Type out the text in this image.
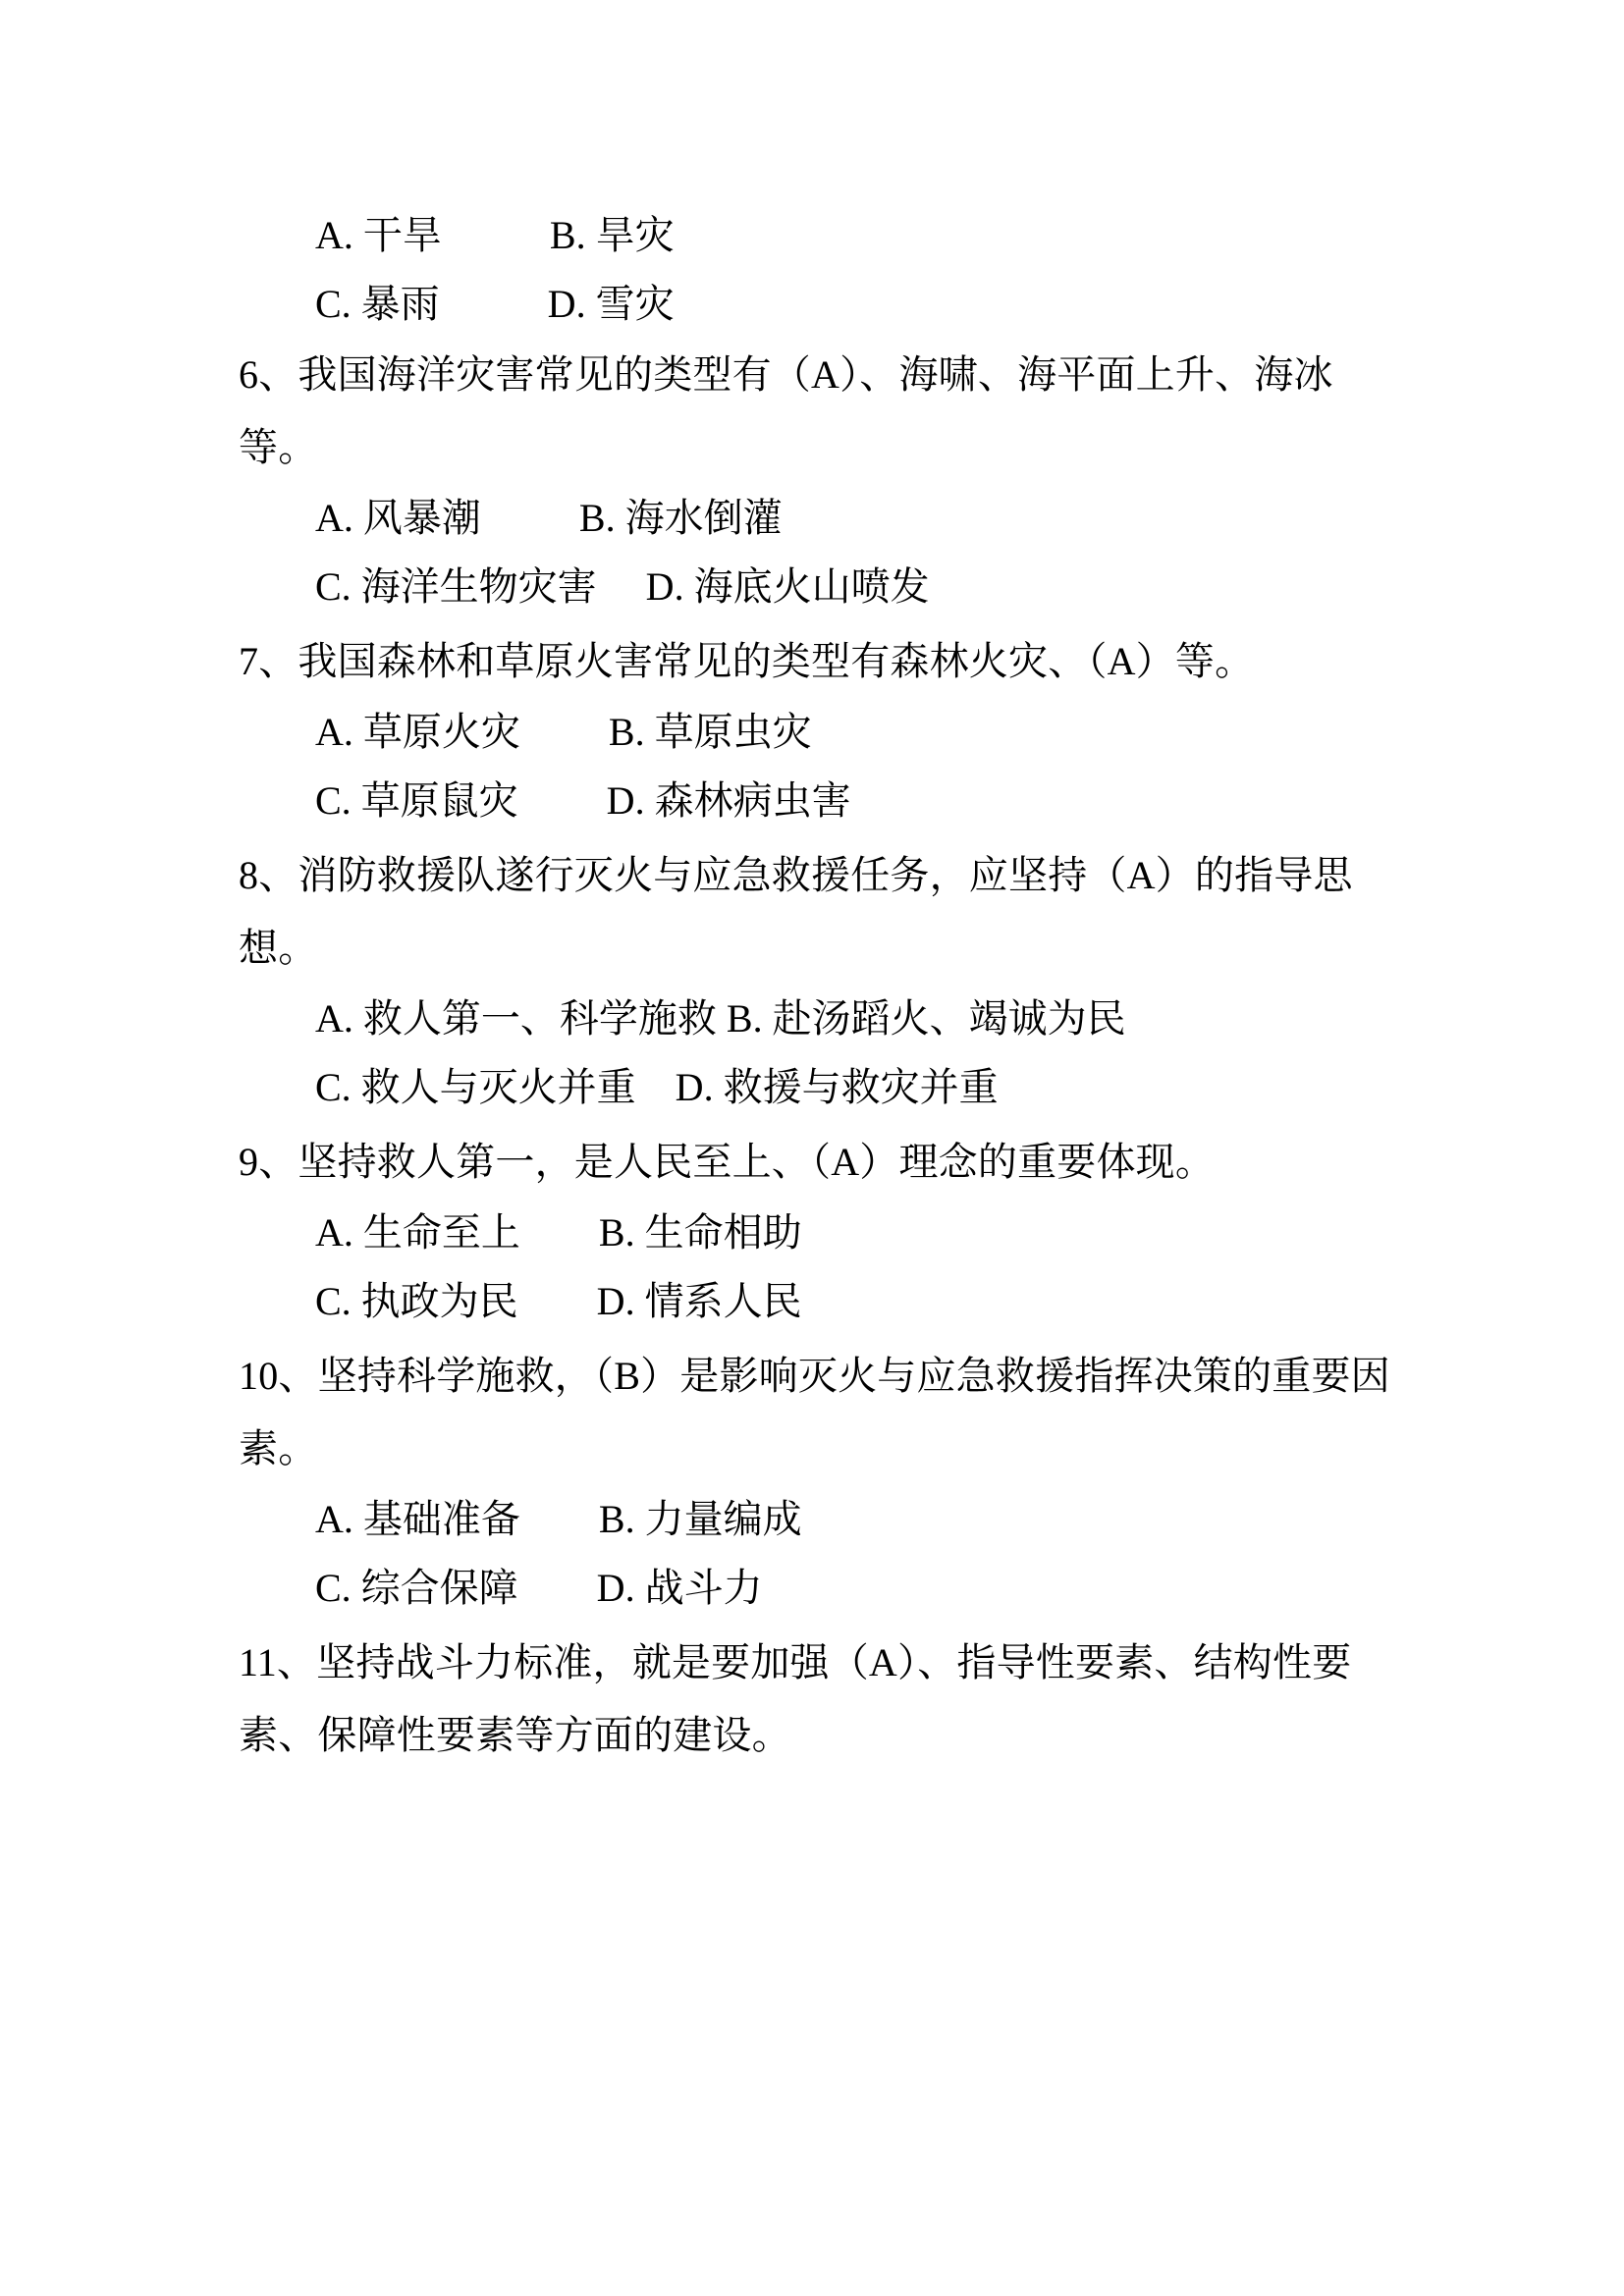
A. 干旱           B. 旱灾
C. 暴雨           D. 雪灾
6、我国海洋灾害常见的类型有（A）、海啸、海平面上升、海冰等。
A. 风暴潮          B. 海水倒灌
C. 海洋生物灾害     D. 海底火山喷发
7、我国森林和草原火害常见的类型有森林火灾、（A）等。
A. 草原火灾         B. 草原虫灾
C. 草原鼠灾         D. 森林病虫害
8、消防救援队遂行灭火与应急救援任务，应坚持（A）的指导思想。
A. 救人第一、科学施救 B. 赴汤蹈火、竭诚为民
C. 救人与灭火并重    D. 救援与救灾并重
9、坚持救人第一，是人民至上、（A）理念的重要体现。
A. 生命至上        B. 生命相助
C. 执政为民        D. 情系人民
10、坚持科学施救，（B）是影响灭火与应急救援指挥决策的重要因素。
A. 基础准备        B. 力量编成
C. 综合保障        D. 战斗力
11、坚持战斗力标准，就是要加强（A）、指导性要素、结构性要素、保障性要素等方面的建设。
